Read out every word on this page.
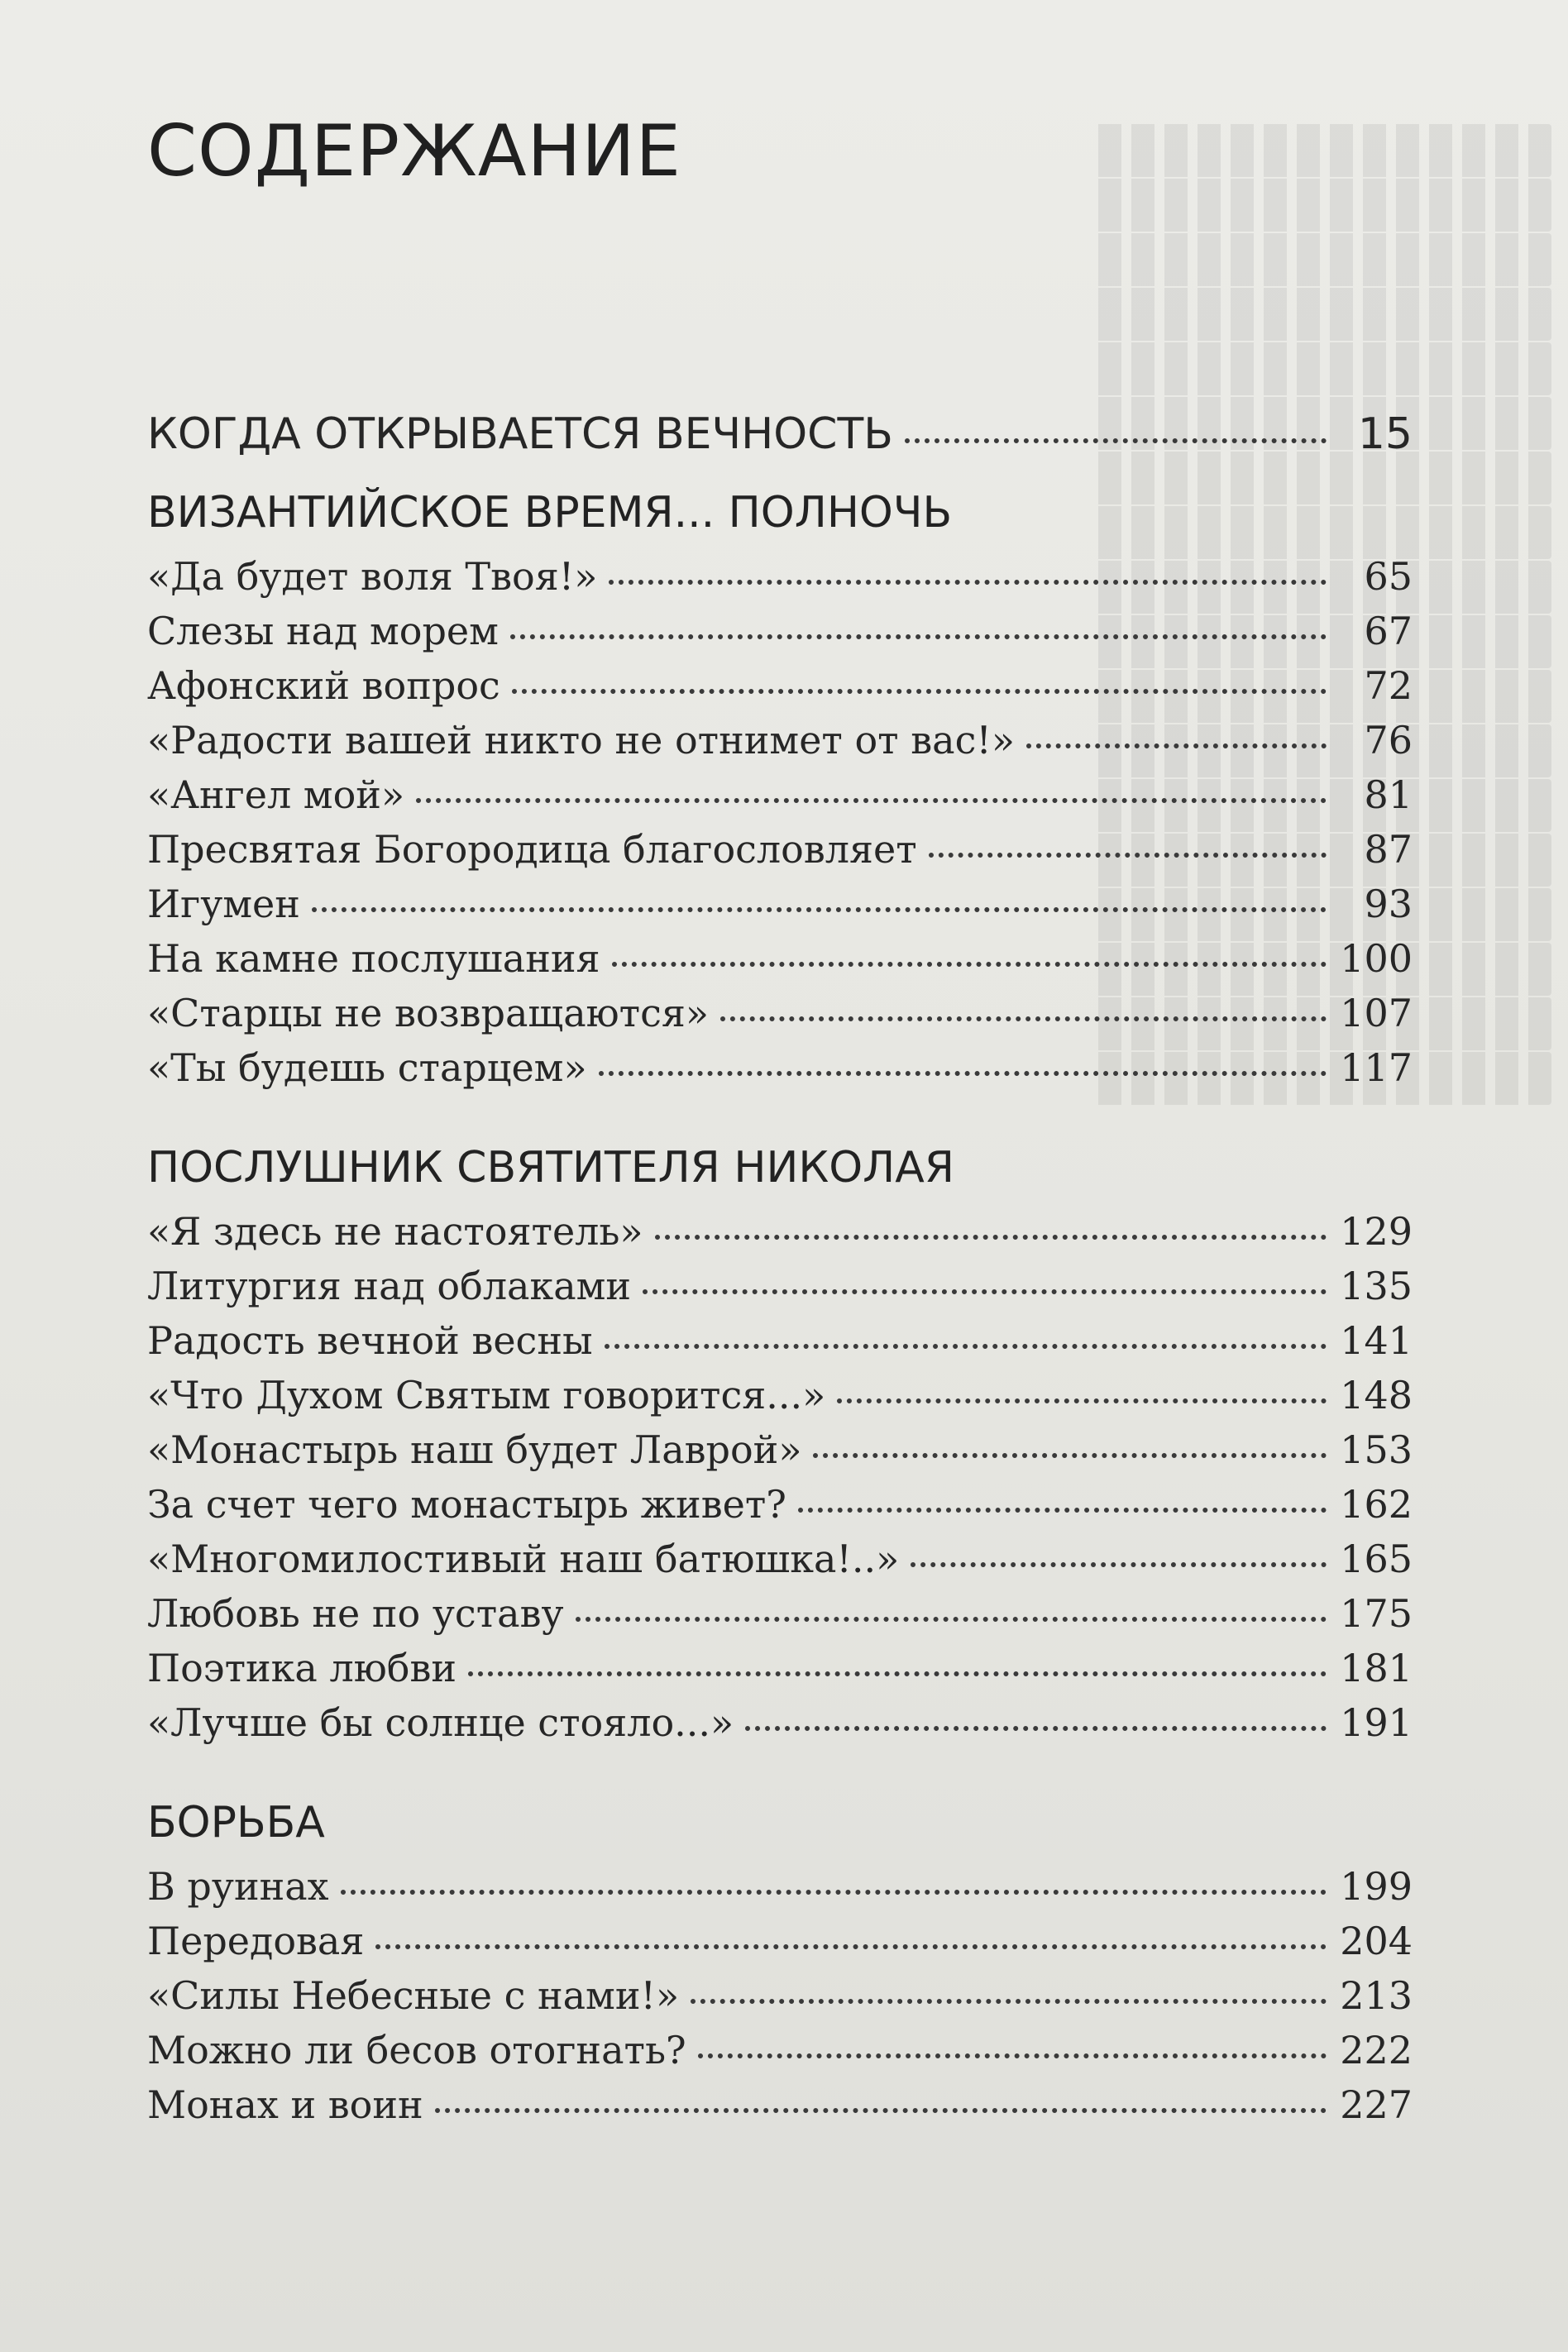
СОДЕРЖАНИЕ
КОГДА ОТКРЫВАЕТСЯ ВЕЧНОСТЬ	15
ВИЗАНТИЙСКОЕ ВРЕМЯ... ПОЛНОЧЬ
«Да будет воля Твоя!»	65
Слезы над морем	67
Афонский вопрос	72
«Радости вашей никто не отнимет от вас!»	76
«Ангел мой»	81
Пресвятая Богородица благословляет	87
Игумен	93
На камне послушания	100
«Старцы не возвращаются»	107
«Ты будешь старцем»	117
ПОСЛУШНИК СВЯТИТЕЛЯ НИКОЛАЯ
«Я здесь не настоятель»	129
Литургия над облаками	135
Радость вечной весны	141
«Что Духом Святым говорится...»	148
«Монастырь наш будет Лаврой»	153
За счет чего монастырь живет?	162
«Многомилостивый наш батюшка!..»	165
Любовь не по уставу	175
Поэтика любви	181
«Лучше бы солнце стояло...»	191
БОРЬБА
В руинах	199
Передовая	204
«Силы Небесные с нами!»	213
Можно ли бесов отогнать?	222
Монах и воин	227
